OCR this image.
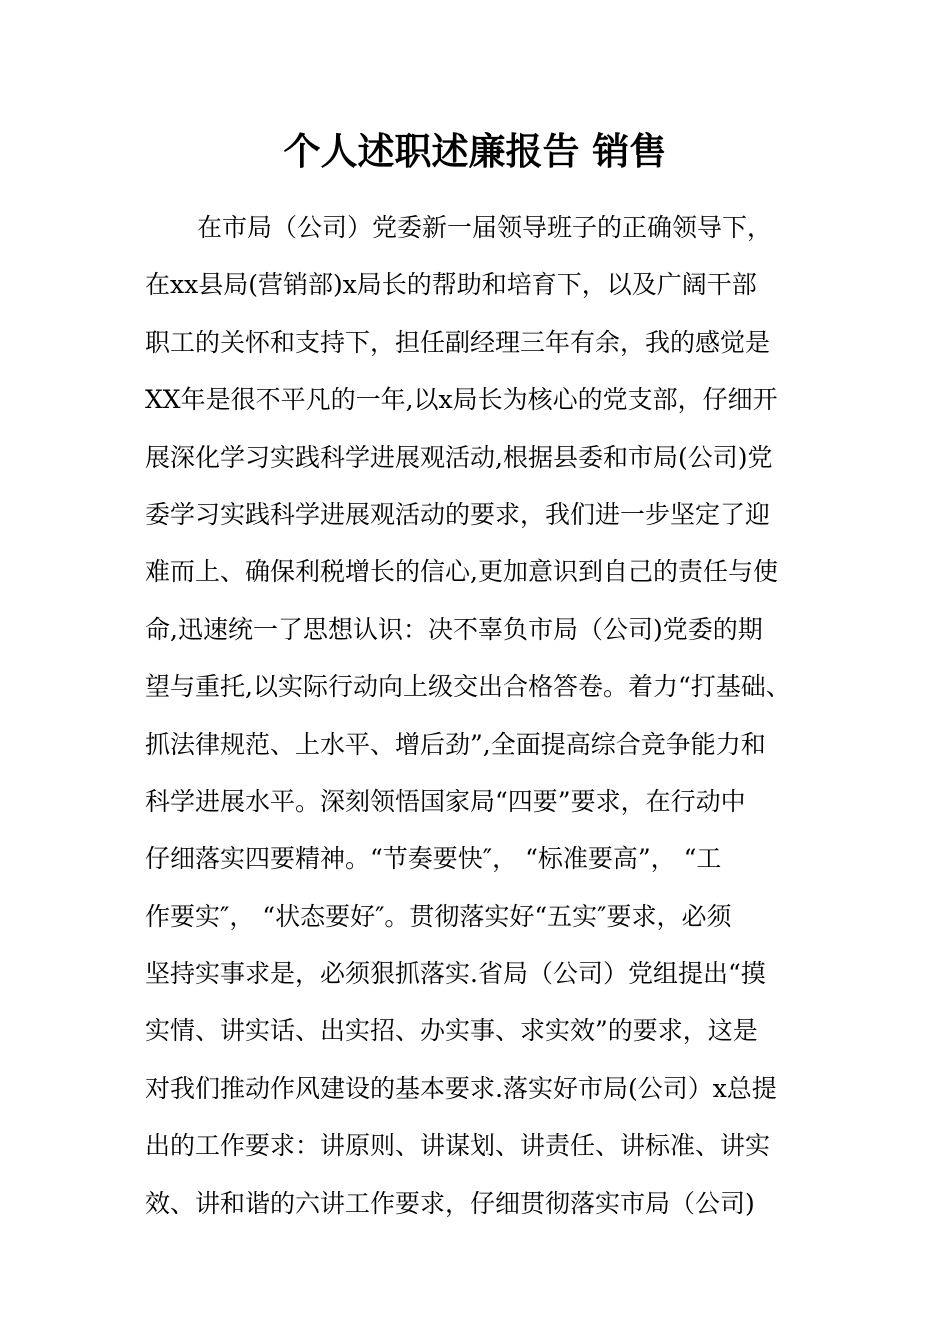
个人述职述廉报告 销售
在市局（公司）党委新一届领导班子的正确领导下，
在xx县局(营销部)x局长的帮助和培育下，以及广阔干部
职工的关怀和支持下，担任副经理三年有余，我的感觉是
XX年是很不平凡的一年,以x局长为核心的党支部，仔细开
展深化学习实践科学进展观活动,根据县委和市局(公司)党
委学习实践科学进展观活动的要求，我们进一步坚定了迎
难而上、确保利税增长的信心,更加意识到自己的责任与使
命,迅速统一了思想认识：决不辜负市局（公司)党委的期
望与重托,以实际行动向上级交出合格答卷。着力“打基础、
抓法律规范、上水平、增后劲”,全面提高综合竞争能力和
科学进展水平。深刻领悟国家局“四要”要求，在行动中
仔细落实四要精神。“节奏要快″， “标准要高”， “工
作要实″， “状态要好″。贯彻落实好“五实″要求，必须
坚持实事求是，必须狠抓落实.省局（公司）党组提出“摸
实情、讲实话、出实招、办实事、求实效”的要求，这是
对我们推动作风建设的基本要求.落实好市局(公司）x总提
出的工作要求：讲原则、讲谋划、讲责任、讲标准、讲实
效、讲和谐的六讲工作要求，仔细贯彻落实市局（公司)
